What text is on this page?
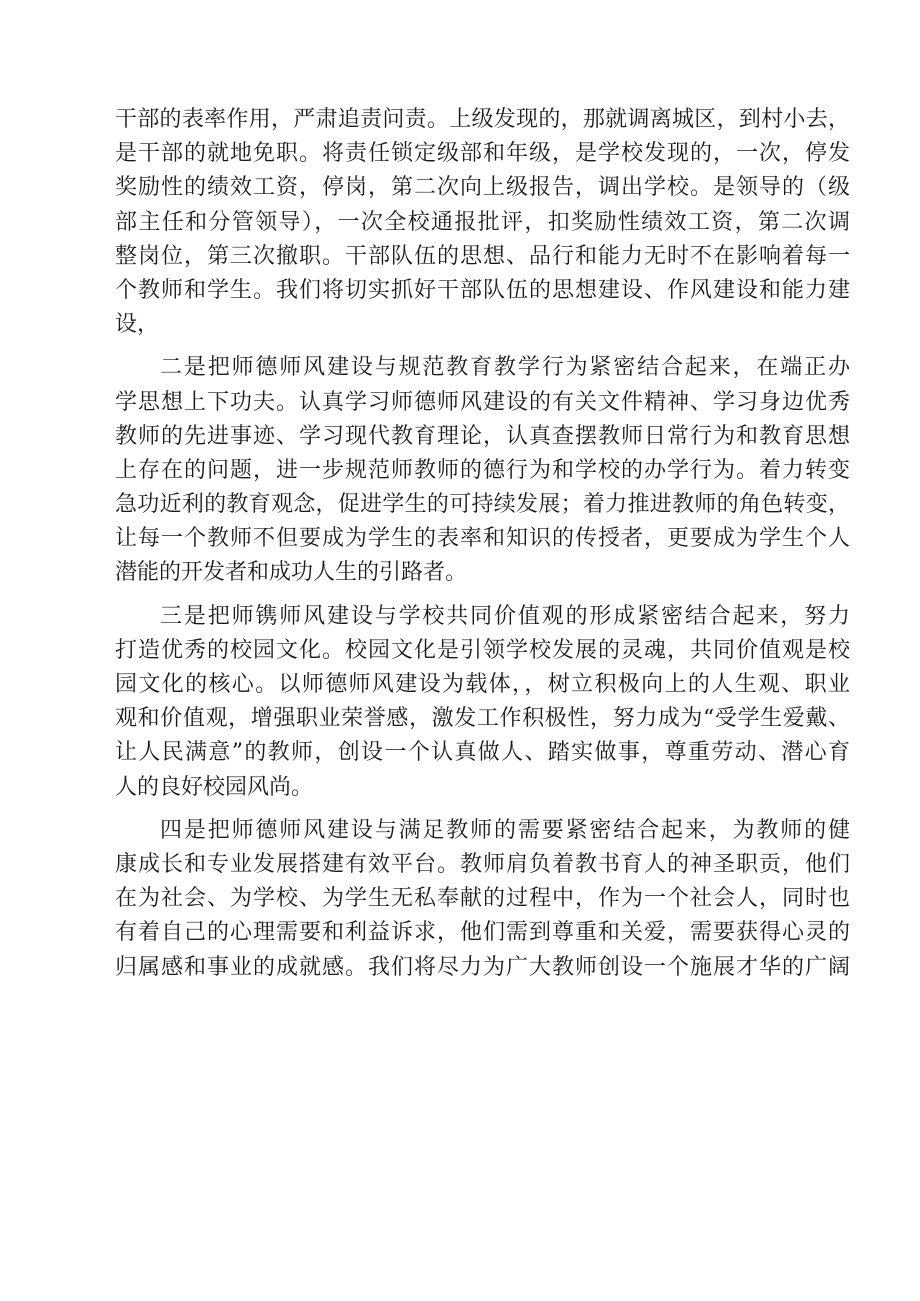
干部的表率作用，严肃追责问责。上级发现的，那就调离城区，到村小去，
是干部的就地免职。将责任锁定级部和年级，是学校发现的，一次，停发
奖励性的绩效工资，停岗，第二次向上级报告，调出学校。是领导的（级
部主任和分管领导），一次全校通报批评，扣奖励性绩效工资，第二次调
整岗位，第三次撤职。干部队伍的思想、品行和能力无时不在影响着每一
个教师和学生。我们将切实抓好干部队伍的思想建设、作风建设和能力建
设，
二是把师德师风建设与规范教育教学行为紧密结合起来，在端正办
学思想上下功夫。认真学习师德师风建设的有关文件精神、学习身边优秀
教师的先进事迹、学习现代教育理论，认真查摆教师日常行为和教育思想
上存在的问题，进一步规范师教师的德行为和学校的办学行为。着力转变
急功近利的教育观念，促进学生的可持续发展；着力推进教师的角色转变，
让每一个教师不但要成为学生的表率和知识的传授者，更要成为学生个人
潜能的开发者和成功人生的引路者。
三是把师镌师风建设与学校共同价值观的形成紧密结合起来，努力
打造优秀的校园文化。校园文化是引领学校发展的灵魂，共同价值观是校
园文化的核心。以师德师风建设为载体，，树立积极向上的人生观、职业
观和价值观，增强职业荣誉感，激发工作积极性，努力成为“受学生爱戴、
让人民满意”的教师，创设一个认真做人、踏实做事，尊重劳动、潜心育
人的良好校园风尚。
四是把师德师风建设与满足教师的需要紧密结合起来，为教师的健
康成长和专业发展搭建有效平台。教师肩负着教书育人的神圣职贡，他们
在为社会、为学校、为学生无私奉献的过程中，作为一个社会人，同时也
有着自己的心理需要和利益诉求，他们需到尊重和关爱，需要获得心灵的
归属感和事业的成就感。我们将尽力为广大教师创设一个施展才华的广阔
